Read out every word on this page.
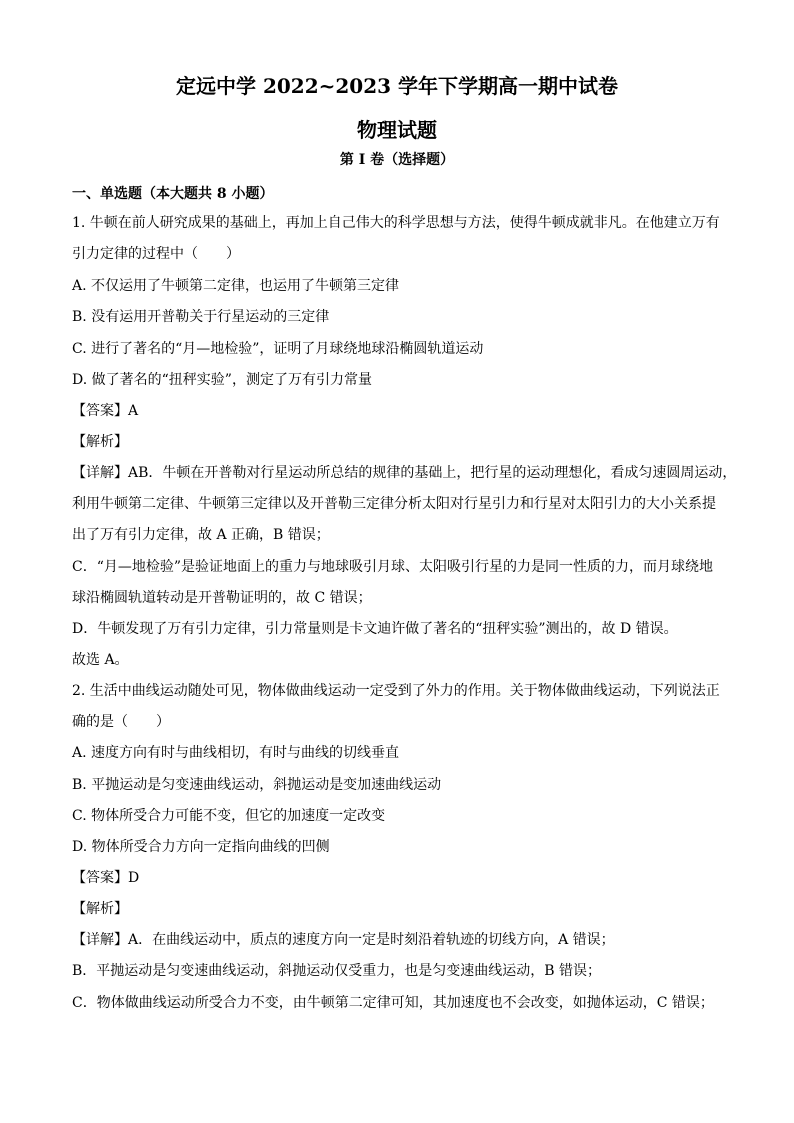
定远中学 2022~2023 学年下学期高一期中试卷
物理试题
第 I 卷（选择题）
一、单选题（本大题共 8 小题）
1. 牛顿在前人研究成果的基础上，再加上自己伟大的科学思想与方法，使得牛顿成就非凡。在他建立万有
引力定律的过程中（　　）
A. 不仅运用了牛顿第二定律，也运用了牛顿第三定律
B. 没有运用开普勒关于行星运动的三定律
C. 进行了著名的“月—地检验”，证明了月球绕地球沿椭圆轨道运动
D. 做了著名的“扭秤实验”，测定了万有引力常量
【答案】A
【解析】
【详解】AB．牛顿在开普勒对行星运动所总结的规律的基础上，把行星的运动理想化，看成匀速圆周运动，
利用牛顿第二定律、牛顿第三定律以及开普勒三定律分析太阳对行星引力和行星对太阳引力的大小关系提
出了万有引力定律，故 A 正确，B 错误；
C．“月—地检验”是验证地面上的重力与地球吸引月球、太阳吸引行星的力是同一性质的力，而月球绕地
球沿椭圆轨道转动是开普勒证明的，故 C 错误；
D．牛顿发现了万有引力定律，引力常量则是卡文迪许做了著名的“扭秤实验”测出的，故 D 错误。
故选 A。
2. 生活中曲线运动随处可见，物体做曲线运动一定受到了外力的作用。关于物体做曲线运动，下列说法正
确的是（　　）
A. 速度方向有时与曲线相切，有时与曲线的切线垂直
B. 平抛运动是匀变速曲线运动，斜抛运动是变加速曲线运动
C. 物体所受合力可能不变，但它的加速度一定改变
D. 物体所受合力方向一定指向曲线的凹侧
【答案】D
【解析】
【详解】A．在曲线运动中，质点的速度方向一定是时刻沿着轨迹的切线方向，A 错误；
B．平抛运动是匀变速曲线运动，斜抛运动仅受重力，也是匀变速曲线运动，B 错误；
C．物体做曲线运动所受合力不变，由牛顿第二定律可知，其加速度也不会改变，如抛体运动，C 错误；
